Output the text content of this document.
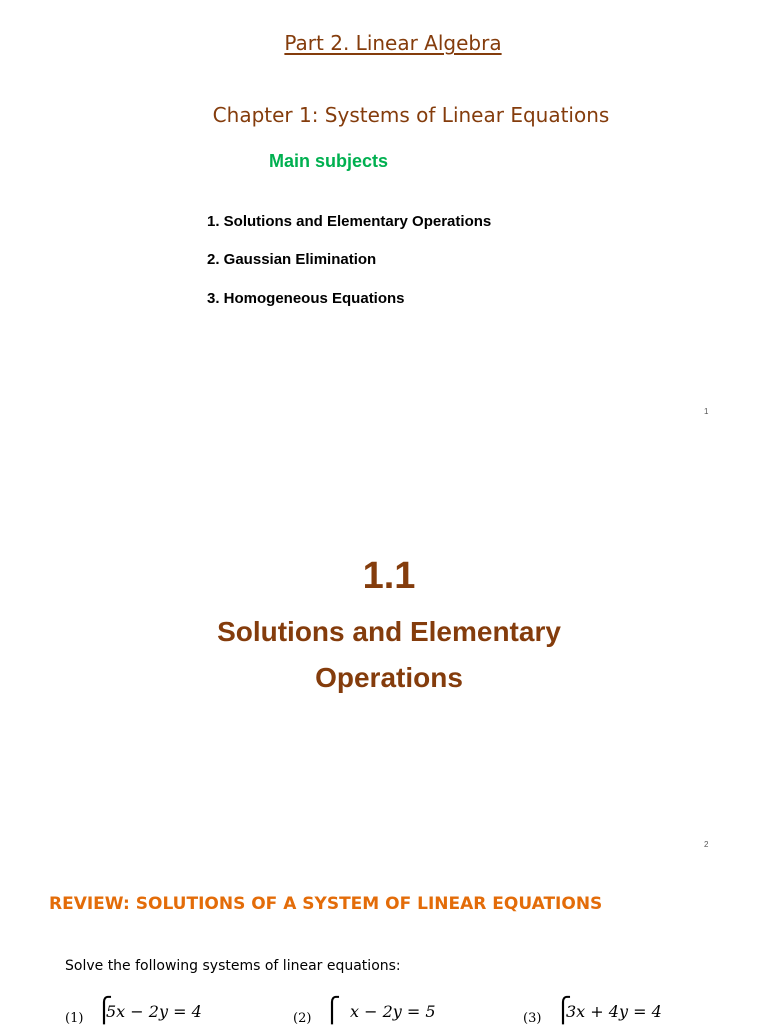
Part 2. Linear Algebra
Chapter 1: Systems of Linear Equations
Main subjects
1. Solutions and Elementary Operations
2. Gaussian Elimination
3. Homogeneous Equations
1
1.1
Solutions and Elementary
Operations
2
REVIEW: SOLUTIONS OF A SYSTEM OF LINEAR EQUATIONS
Solve the following systems of linear equations:
(1) ⎧
5x − 2y = 4	(2) ⎧ x − 2y = 5	(3) ⎧
3x + 4y = 4
